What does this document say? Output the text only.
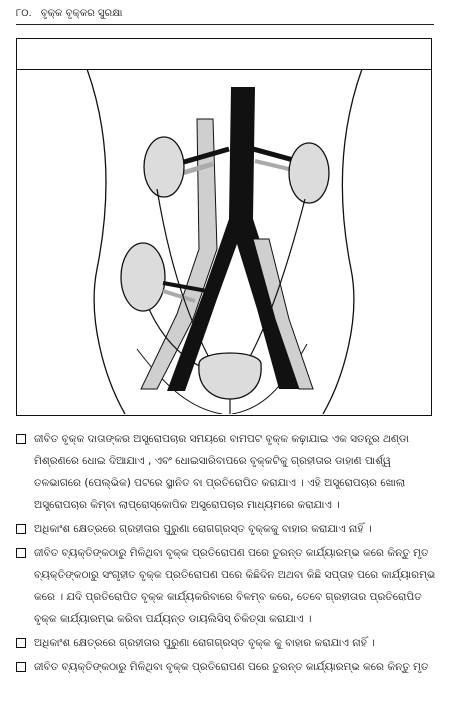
୮୦. ବୃକ୍କ ବୃକ୍କର ସୁରକ୍ଷା
ଜୀବିତ ବୃକ୍କ ଦାତାଙ୍କର ଅସ୍ତ୍ରୋପଚାର ସମୟରେ ବାମପଟ ବୃକ୍କ କଢ଼ାଯାଇ ଏକ ସତନ୍ତ୍ର ଥଣ୍ଡା ମିଶ୍ରଣରେ ଧୋଇ ଦିଆଯାଏ , ଏବଂ ଧୋଇସାରିବାପରେ ବୃକ୍କଟିକୁ ଗ୍ରହୀତାର ଡାହାଣ ପାର୍ଶ୍ୱ ତଳଭାଗରେ (ପେଲ୍‌ଭିକ) ପଟରେ ସ୍ଥାନିତ ବା ପ୍ରତିରୋପିତ କରାଯାଏ । ଏହି ଅସ୍ତ୍ରୋପଚାର ଖୋଲା ଅସ୍ତ୍ରୋପଚାର କିମ୍ବା ଲାପ୍ରୋସ୍କୋପିକ ଅସ୍ତ୍ରୋପଚାର ମାଧ୍ୟମରେ କରାଯାଏ ।
ଅଧିକାଂଶ କ୍ଷେତ୍ରରେ ଗ୍ରହୀତାର ପୁରୁଣା ରୋଗଗ୍ରସ୍ତ ବୃକ୍କକୁ ବାହାର କରାଯାଏ ନାହିଁ ।
ଜୀବିତ ବ୍ୟକ୍ତିଙ୍କଠାରୁ ମିଳିଥିବା ବୃକ୍କ ପ୍ରତିରୋପଣ ପରେ ତୁରନ୍ତ କାର୍ଯ୍ୟାରମ୍ଭ କରେ କିନ୍ତୁ ମୃତ ବ୍ୟକ୍ତିଙ୍କଠାରୁ ସଂଗୃହୀତ ବୃକ୍କ ପ୍ରତିରୋପଣ ପରେ କିଛିଦିନ ଅଥବା କିଛି ସପ୍ତାହ ପରେ କାର୍ଯ୍ୟାରମ୍ଭ କରେ । ଯଦି ପ୍ରତିରୋପିତ ବୃକ୍କ କାର୍ଯ୍ୟକରିବାରେ ବିଳମ୍ବ କରେ, ତେବେ ଗ୍ରହୀତାର ପ୍ରତିରୋପିତ ବୃକ୍କ କାର୍ଯ୍ୟାରମ୍ଭ କରିବା ପର୍ଯ୍ୟନ୍ତ ଡାୟଲିସିସ୍ ଚିକିତ୍ସା କରାଯାଏ ।
ଅଧିକାଂଶ କ୍ଷେତ୍ରରେ ଗ୍ରହୀତାର ପୁରୁଣା ରୋଗଗ୍ରସ୍ତ ବୃକ୍କ କୁ ବାହାର କରାଯାଏ ନାହିଁ ।
ଜୀବିତ ବ୍ୟକ୍ତିଙ୍କଠାରୁ ମିଳିଥିବା ବୃକ୍କ ପ୍ରତିରୋପଣ ପରେ ତୁରନ୍ତ କାର୍ଯ୍ୟାରମ୍ଭ କରେ କିନ୍ତୁ ମୃତ
